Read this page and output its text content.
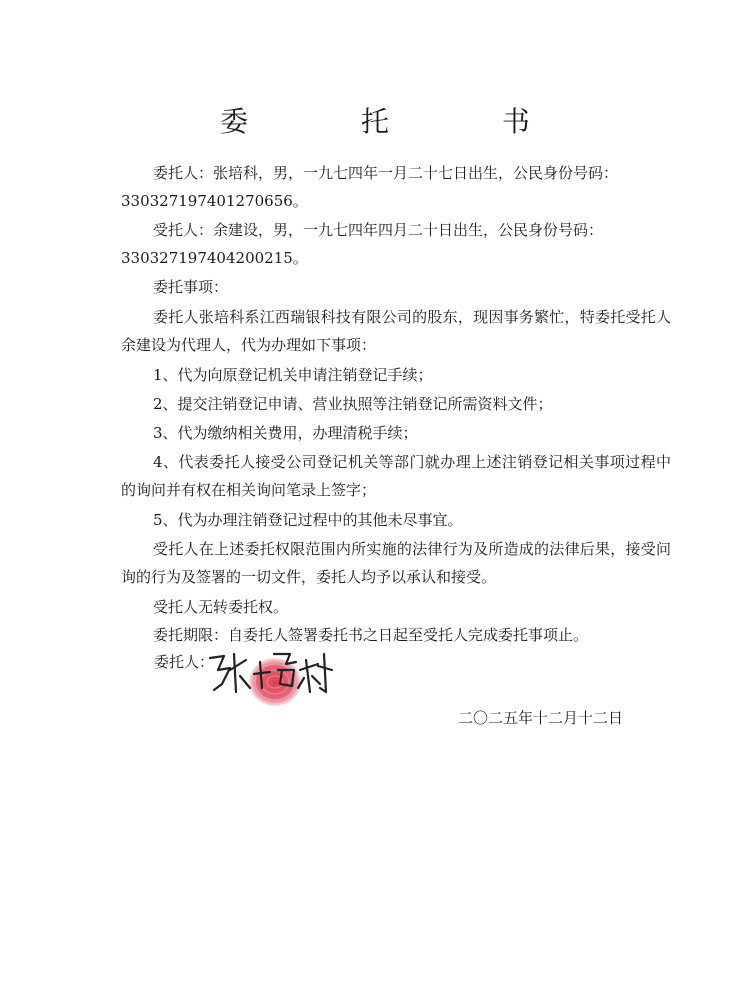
委 托 书

委托人：张培科，男，一九七四年一月二十七日出生，公民身份号码：

330327197401270656。

受托人：余建设，男，一九七四年四月二十日出生，公民身份号码：

330327197404200215。

委托事项：

委托人张培科系江西瑞银科技有限公司的股东，现因事务繁忙，特委托受托人余建设为代理人，代为办理如下事项：

1、代为向原登记机关申请注销登记手续；

2、提交注销登记申请、营业执照等注销登记所需资料文件；

3、代为缴纳相关费用，办理清税手续；

4、代表委托人接受公司登记机关等部门就办理上述注销登记相关事项过程中的询问并有权在相关询问笔录上签字；

5、代为办理注销登记过程中的其他未尽事宜。

受托人在上述委托权限范围内所实施的法律行为及所造成的法律后果，接受问询的行为及签署的一切文件，委托人均予以承认和接受。

受托人无转委托权。

委托期限：自委托人签署委托书之日起至受托人完成委托事项止。

委托人：
二〇二五年十二月十二日
